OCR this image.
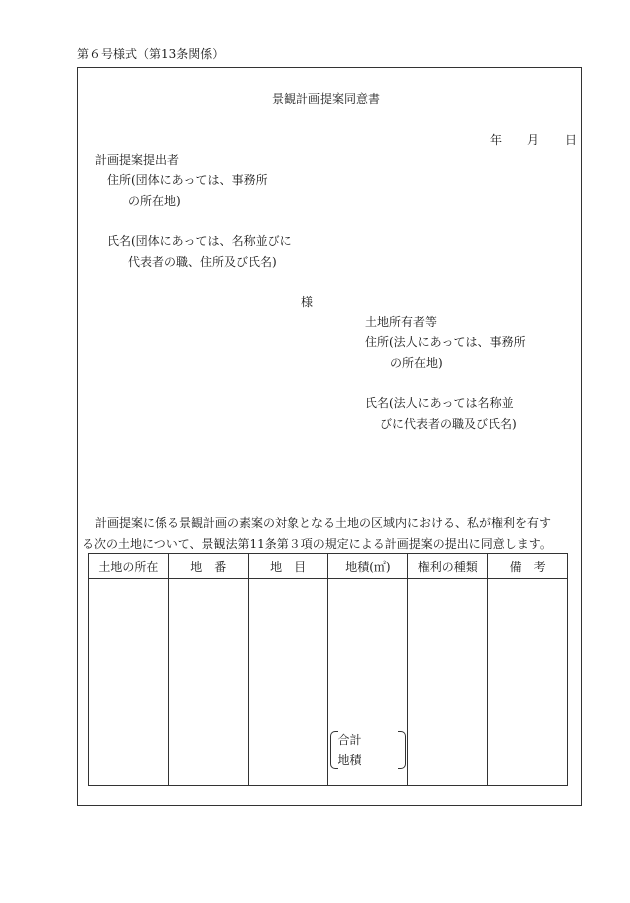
第６号様式（第13条関係）
景観計画提案同意書
年 月 日
計画提案提出者
住所(団体にあっては、事務所
の所在地)
氏名(団体にあっては、名称並びに
代表者の職、住所及び氏名)
様
土地所有者等
住所(法人にあっては、事務所
の所在地)
氏名(法人にあっては名称並
びに代表者の職及び氏名)
計画提案に係る景観計画の素案の対象となる土地の区域内における、私が権利を有す
る次の土地について、景観法第11条第３項の規定による計画提案の提出に同意します。
土地の所在	地　番	地　目	地積(㎡)	権利の種類	備　考

			合計
地積		
